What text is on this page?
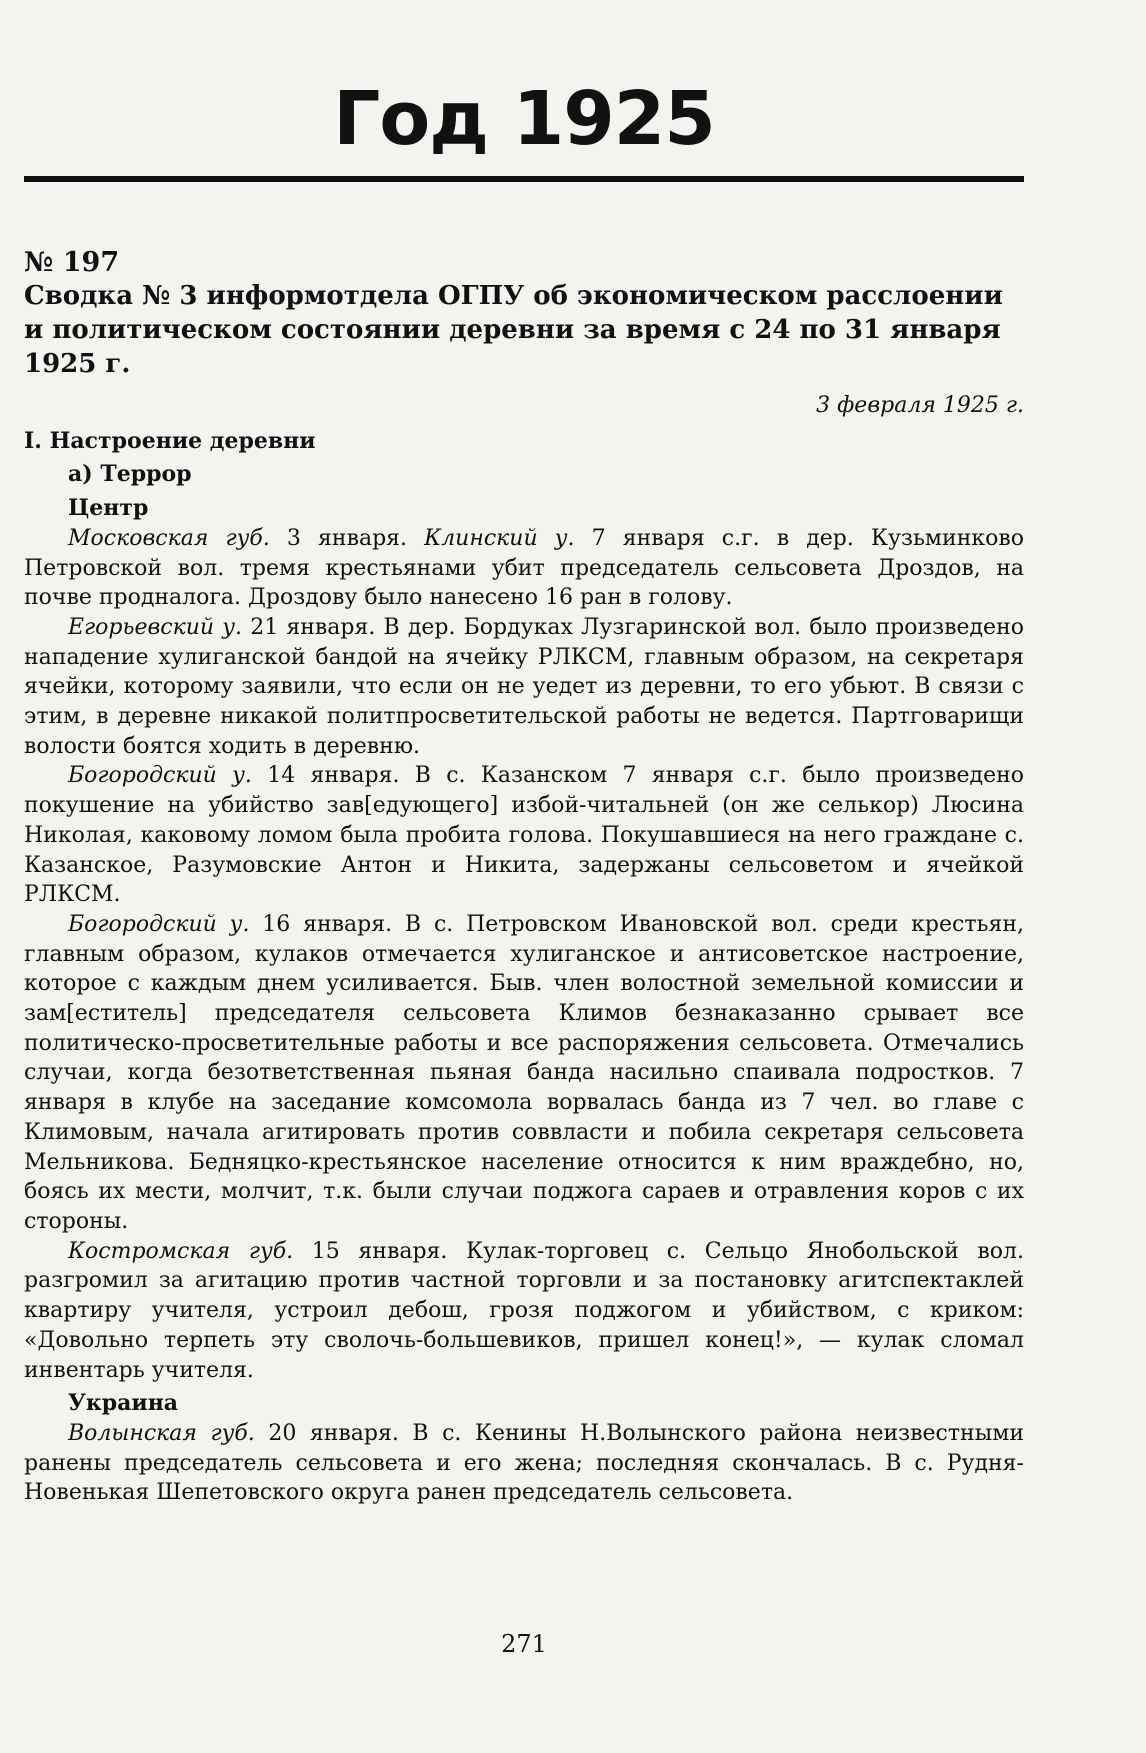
Год 1925

№ 197

Сводка № 3 информотдела ОГПУ об экономическом расслоении и политическом состоянии деревни за время с 24 по 31 января 1925 г.

3 февраля 1925 г.

I. Настроение деревни

а) Террор

Центр

Московская губ. 3 января. Клинский у. 7 января с.г. в дер. Кузьминково Петровской вол. тремя крестьянами убит председатель сельсовета Дроздов, на почве продналога. Дроздову было нанесено 16 ран в голову.

Егорьевский у. 21 января. В дер. Бордуках Лузгаринской вол. было произведено нападение хулиганской бандой на ячейку РЛКСМ, главным образом, на секретаря ячейки, которому заявили, что если он не уедет из деревни, то его убьют. В связи с этим, в деревне никакой политпросветительской работы не ведется. Партговарищи волости боятся ходить в деревню.

Богородский у. 14 января. В с. Казанском 7 января с.г. было произведено покушение на убийство зав[едующего] избой-читальней (он же селькор) Люсина Николая, каковому ломом была пробита голова. Покушавшиеся на него граждане с. Казанское, Разумовские Антон и Никита, задержаны сельсоветом и ячейкой РЛКСМ.

Богородский у. 16 января. В с. Петровском Ивановской вол. среди крестьян, главным образом, кулаков отмечается хулиганское и антисоветское настроение, которое с каждым днем усиливается. Быв. член волостной земельной комиссии и зам[еститель] председателя сельсовета Климов безнаказанно срывает все политическо-просветительные работы и все распоряжения сельсовета. Отмечались случаи, когда безответственная пьяная банда насильно спаивала подростков. 7 января в клубе на заседание комсомола ворвалась банда из 7 чел. во главе с Климовым, начала агитировать против соввласти и побила секретаря сельсовета Мельникова. Бедняцко-крестьянское население относится к ним враждебно, но, боясь их мести, молчит, т.к. были случаи поджога сараев и отравления коров с их стороны.

Костромская губ. 15 января. Кулак-торговец с. Сельцо Янобольской вол. разгромил за агитацию против частной торговли и за постановку агитспектаклей квартиру учителя, устроил дебош, грозя поджогом и убийством, с криком: «Довольно терпеть эту сволочь-большевиков, пришел конец!», — кулак сломал инвентарь учителя.

Украина

Волынская губ. 20 января. В с. Кенины Н.Волынского района неизвестными ранены председатель сельсовета и его жена; последняя скончалась. В с. Рудня-Новенькая Шепетовского округа ранен председатель сельсовета.

271
